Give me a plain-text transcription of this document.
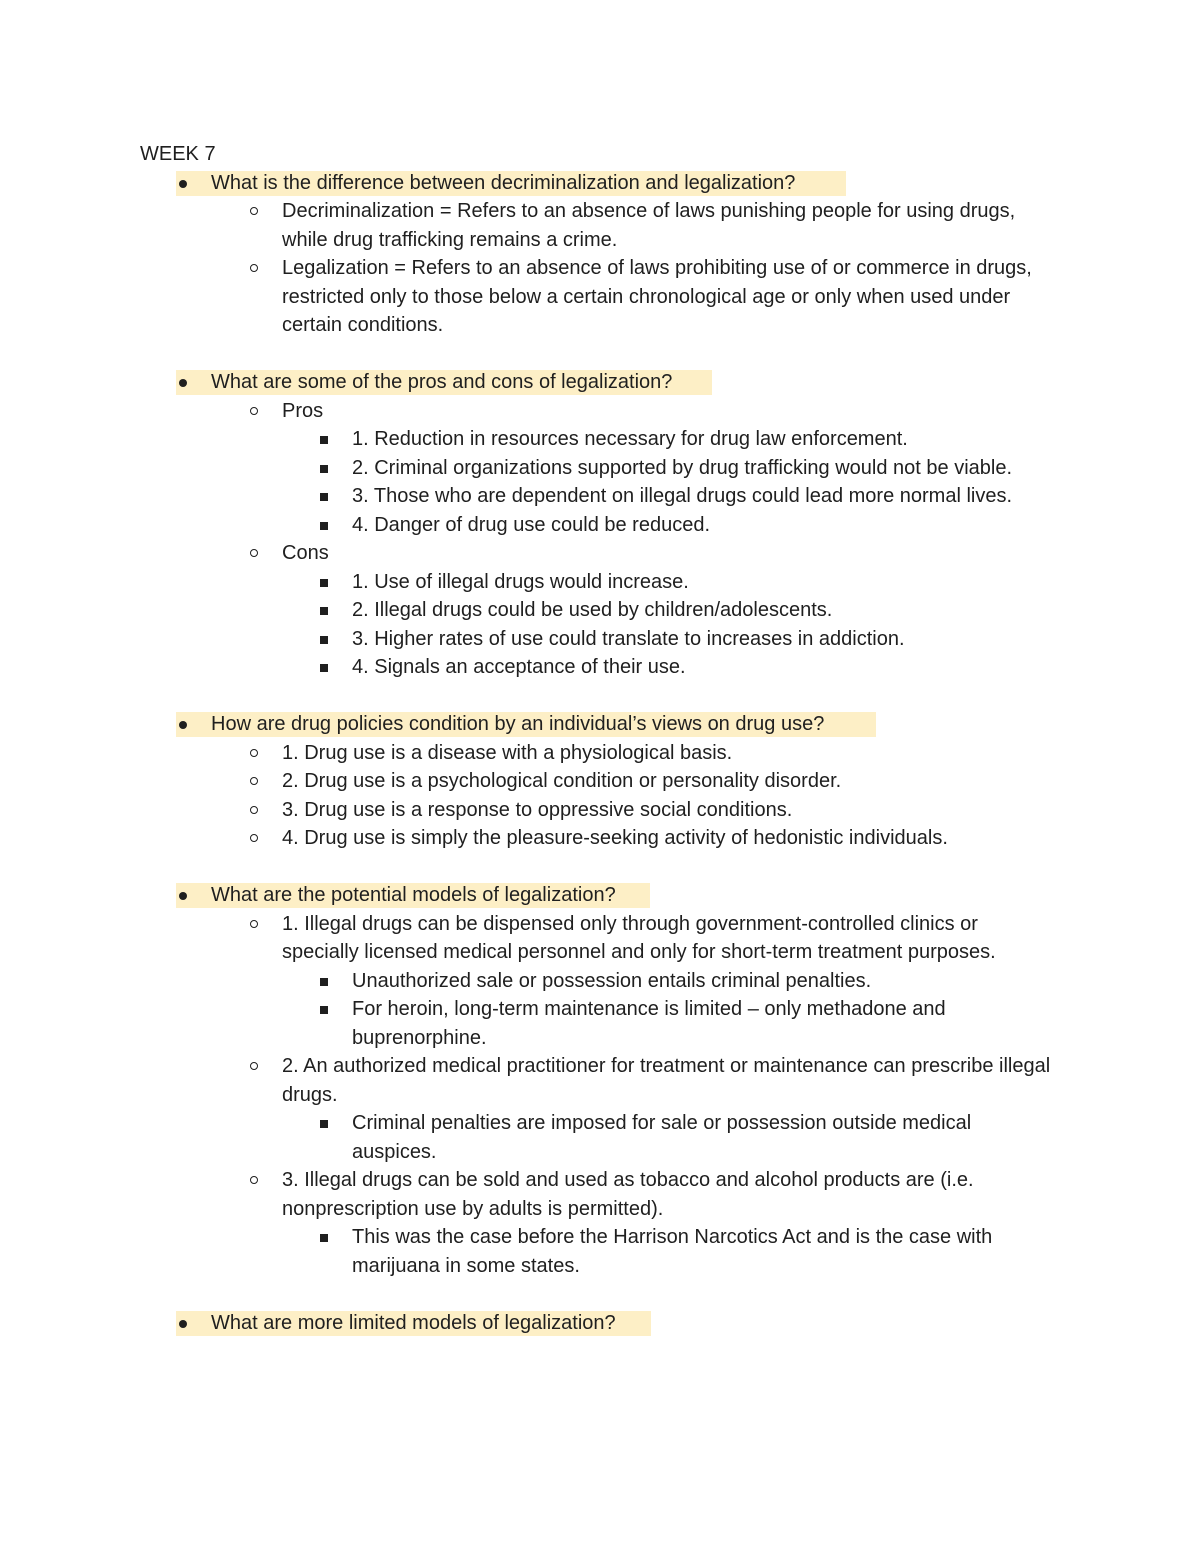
WEEK 7
What is the difference between decriminalization and legalization?
Decriminalization = Refers to an absence of laws punishing people for using drugs, while drug trafficking remains a crime.
Legalization = Refers to an absence of laws prohibiting use of or commerce in drugs, restricted only to those below a certain chronological age or only when used under certain conditions.
What are some of the pros and cons of legalization?
Pros
1. Reduction in resources necessary for drug law enforcement.
2. Criminal organizations supported by drug trafficking would not be viable.
3. Those who are dependent on illegal drugs could lead more normal lives.
4. Danger of drug use could be reduced.
Cons
1. Use of illegal drugs would increase.
2. Illegal drugs could be used by children/adolescents.
3. Higher rates of use could translate to increases in addiction.
4. Signals an acceptance of their use.
How are drug policies condition by an individual’s views on drug use?
1. Drug use is a disease with a physiological basis.
2. Drug use is a psychological condition or personality disorder.
3. Drug use is a response to oppressive social conditions.
4. Drug use is simply the pleasure-seeking activity of hedonistic individuals.
What are the potential models of legalization?
1. Illegal drugs can be dispensed only through government-controlled clinics or specially licensed medical personnel and only for short-term treatment purposes.
Unauthorized sale or possession entails criminal penalties.
For heroin, long-term maintenance is limited – only methadone and buprenorphine.
2. An authorized medical practitioner for treatment or maintenance can prescribe illegal drugs.
Criminal penalties are imposed for sale or possession outside medical auspices.
3. Illegal drugs can be sold and used as tobacco and alcohol products are (i.e. nonprescription use by adults is permitted).
This was the case before the Harrison Narcotics Act and is the case with marijuana in some states.
What are more limited models of legalization?
